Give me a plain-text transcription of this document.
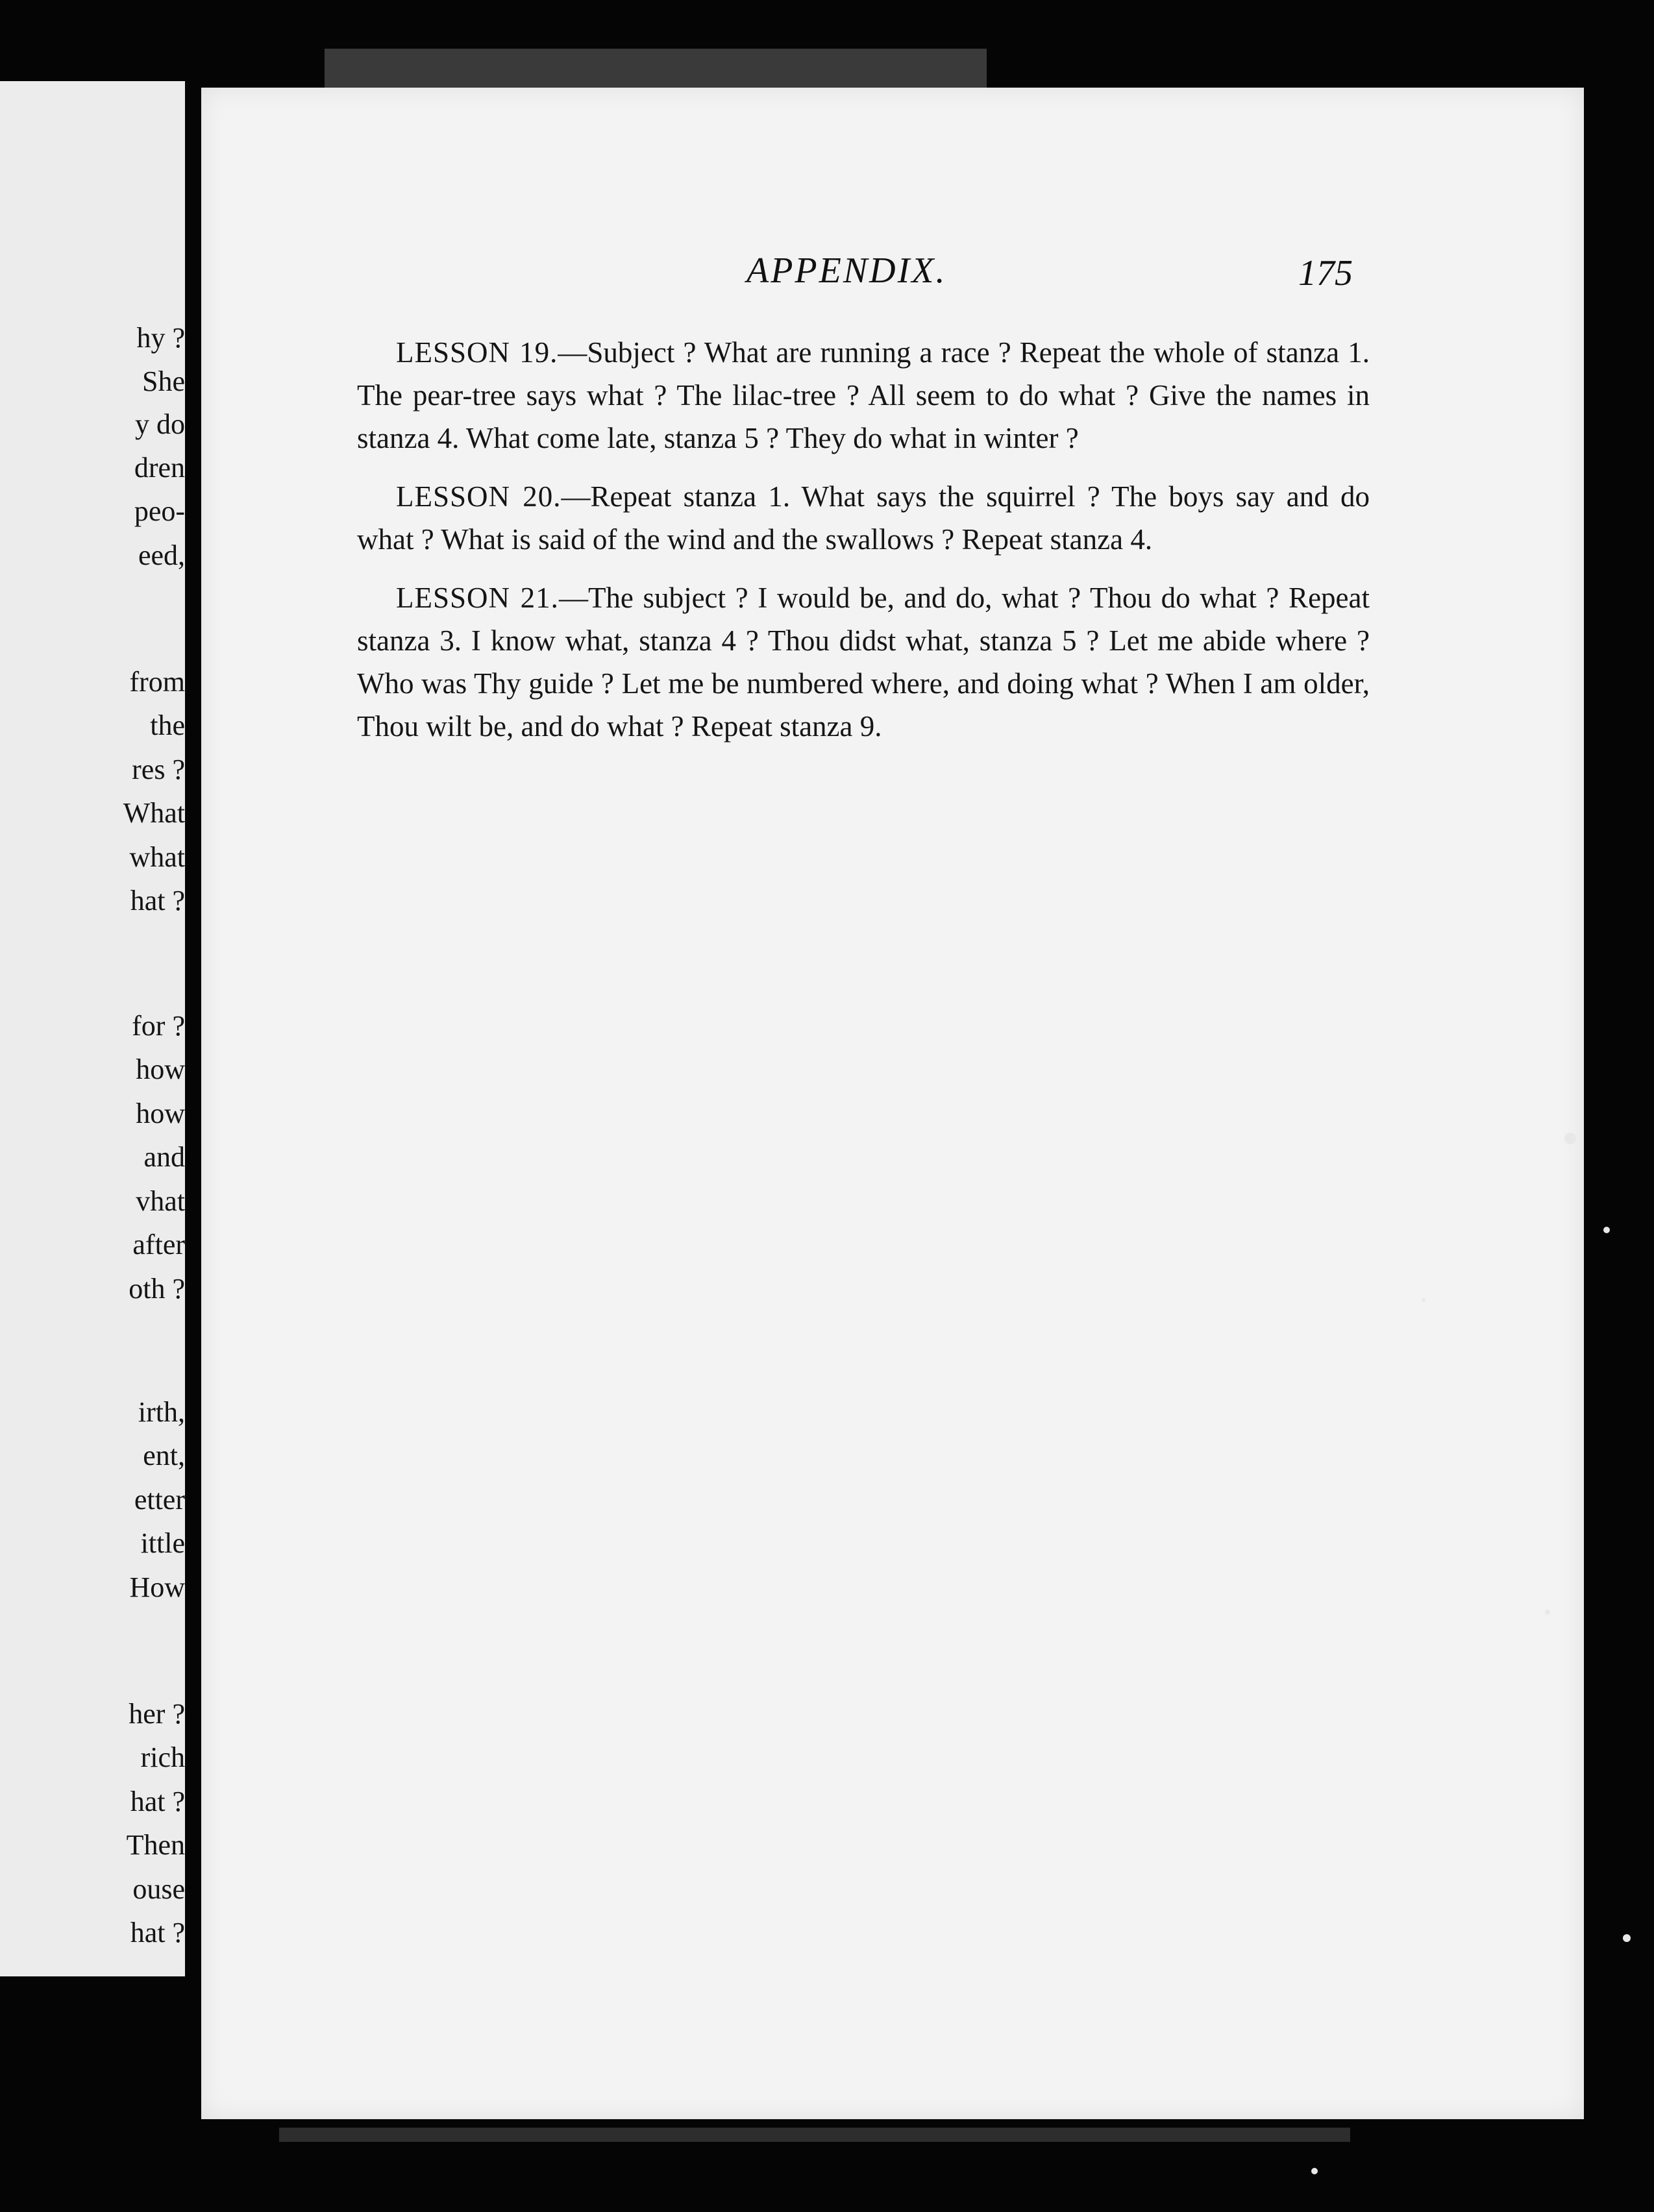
hy ?
She
y do
dren
peo-
eed,
from
the
res ?
What
what
hat ?
for ?
how
how
and
vhat
after
oth ?
irth,
ent,
etter
ittle
How
her ?
rich
hat ?
Then
ouse
hat ?
APPENDIX.	175

LESSON 19.—Subject ? What are running a race ? Repeat the whole of stanza 1. The pear-tree says what ? The lilac-tree ? All seem to do what ? Give the names in stanza 4. What come late, stanza 5 ? They do what in winter ?

LESSON 20.—Repeat stanza 1. What says the squirrel ? The boys say and do what ? What is said of the wind and the swallows ? Repeat stanza 4.

LESSON 21.—The subject ? I would be, and do, what ? Thou do what ? Repeat stanza 3. I know what, stanza 4 ? Thou didst what, stanza 5 ? Let me abide where ? Who was Thy guide ? Let me be numbered where, and doing what ? When I am older, Thou wilt be, and do what ? Repeat stanza 9.
